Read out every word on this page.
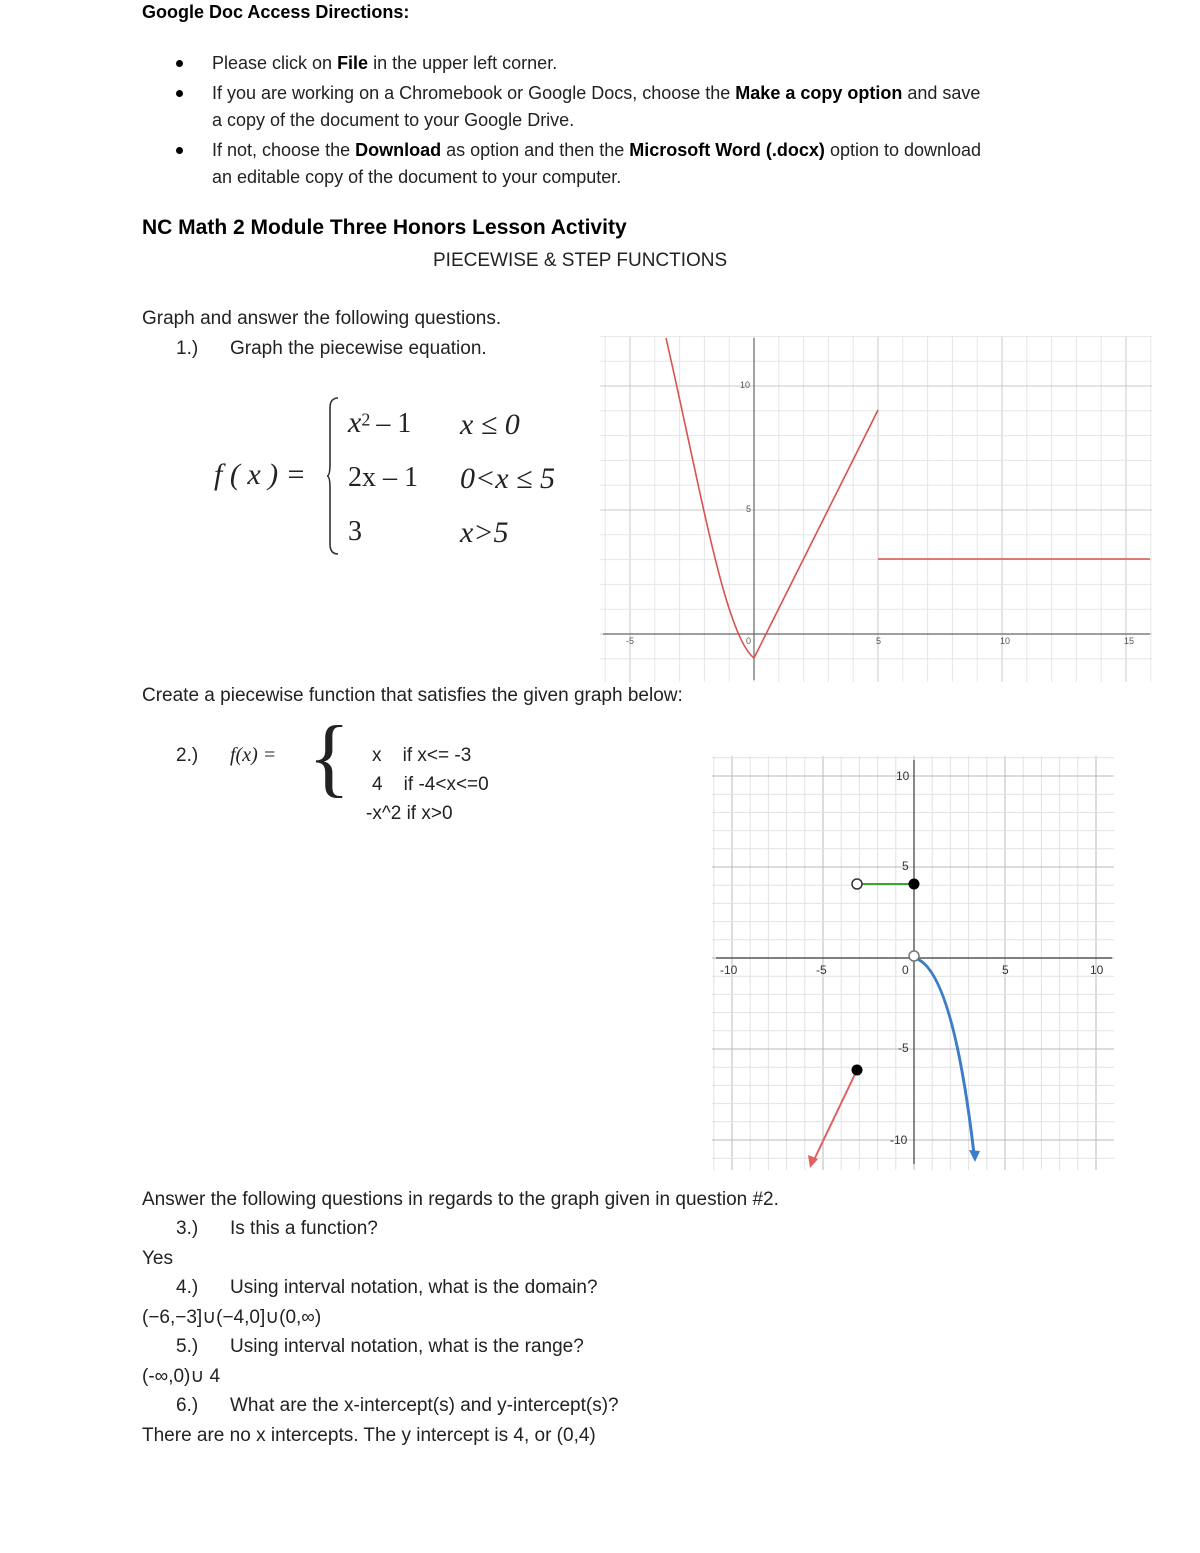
Google Doc Access Directions:
Please click on File in the upper left corner.
If you are working on a Chromebook or Google Docs, choose the Make a copy option and save
a copy of the document to your Google Drive.
If not, choose the Download as option and then the Microsoft Word (.docx) option to download
an editable copy of the document to your computer.
NC Math 2 Module Three Honors Lesson Activity
PIECEWISE & STEP FUNCTIONS
Graph and answer the following questions.
1.) Graph the piecewise equation.
f ( x ) =
$x^2 - 1$ x ≤ 0
2x – 1 0<x ≤ 5
3	x>5
10
5
0
-5	5	10	15
Create a piecewise function that satisfies the given graph below:
2.) f(x) = { x    if x<= -3
4    if -4<x<=0
-x^2 if x>0
-10	-5	0	5	10
10
5
-5
-10
Answer the following questions in regards to the graph given in question #2.
3.) Is this a function?
Yes
4.) Using interval notation, what is the domain?
(−6,−3]∪(−4,0]∪(0,∞)
5.) Using interval notation, what is the range?
(-∞,0)∪ 4
6.) What are the x-intercept(s) and y-intercept(s)?
There are no x intercepts. The y intercept is 4, or (0,4)
